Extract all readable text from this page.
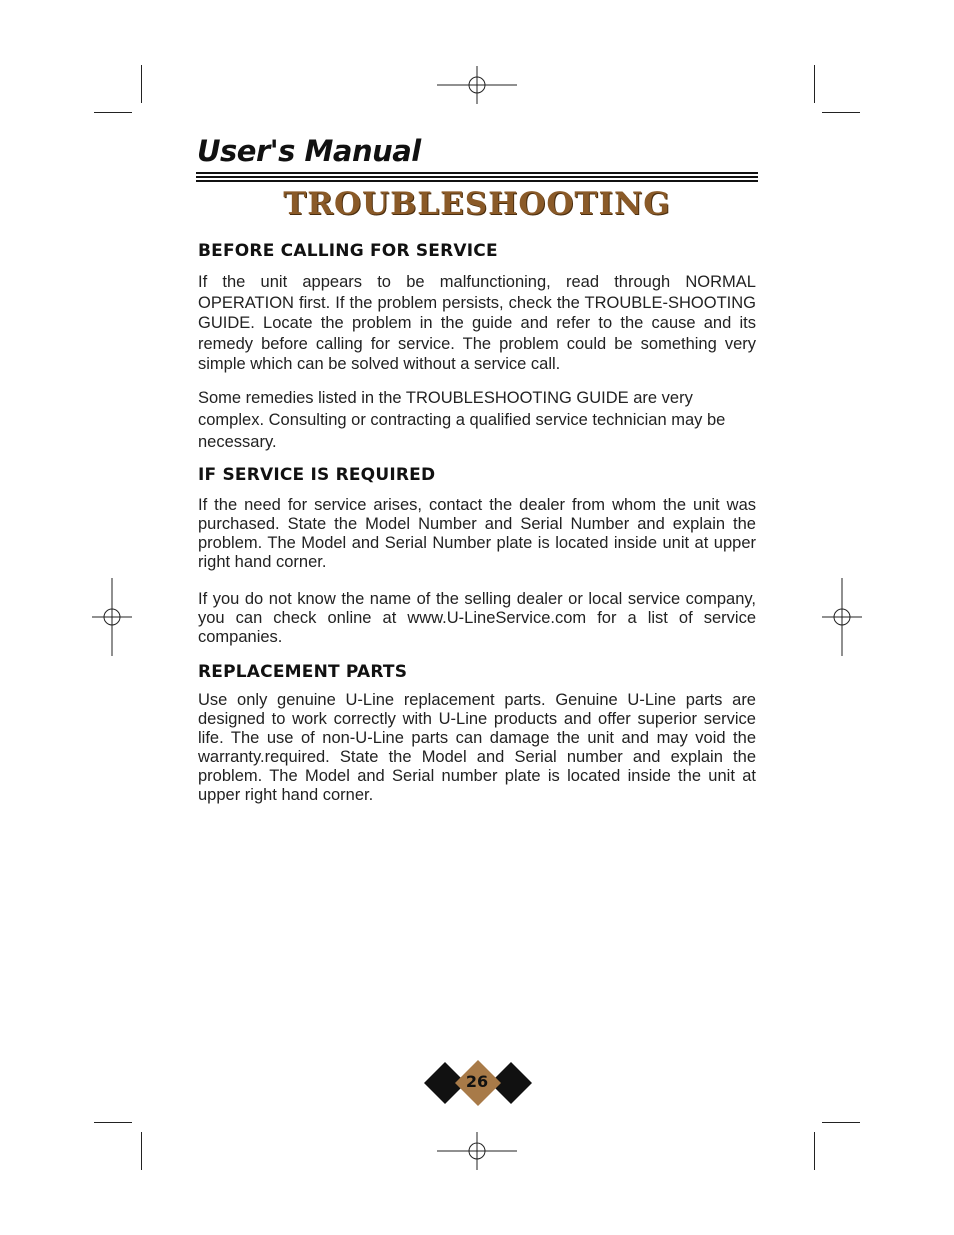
User's Manual
TROUBLESHOOTING
BEFORE CALLING FOR SERVICE

If the unit appears to be malfunctioning, read through NORMAL OPERATION first. If the problem persists, check the TROUBLE-SHOOTING GUIDE. Locate the problem in the guide and refer to the cause and its remedy before calling for service. The problem could be something very simple which can be solved without a service call.

Some remedies listed in the TROUBLESHOOTING GUIDE are very complex. Consulting or contracting a qualified service technician may be necessary.

IF SERVICE IS REQUIRED

If the need for service arises, contact the dealer from whom the unit was purchased. State the Model Number and Serial Number and explain the problem. The Model and Serial Number plate is located inside unit at upper right hand corner.

If you do not know the name of the selling dealer or local service company, you can check online at www.U-LineService.com for a list of service companies.

REPLACEMENT PARTS

Use only genuine U-Line replacement parts. Genuine U-Line parts are designed to work correctly with U-Line products and offer superior service life. The use of non-U-Line parts can damage the unit and may void the warranty.required. State the Model and Serial number and explain the problem. The Model and Serial number plate is located inside the unit at upper right hand corner.

26
